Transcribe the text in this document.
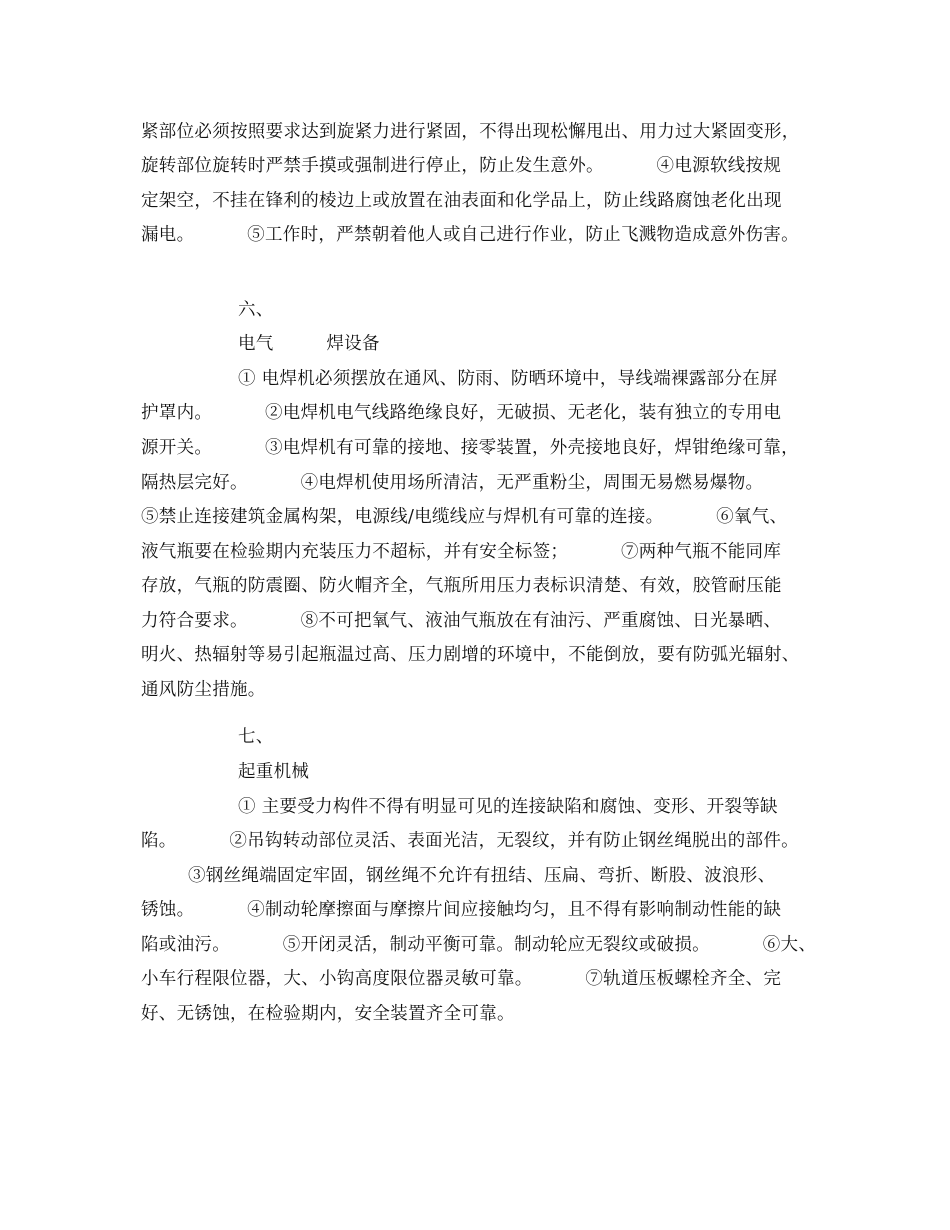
紧部位必须按照要求达到旋紧力进行紧固，不得出现松懈甩出、用力过大紧固变形，
旋转部位旋转时严禁手摸或强制进行停止，防止发生意外。         ④电源软线按规
定架空，不挂在锋利的棱边上或放置在油表面和化学品上，防止线路腐蚀老化出现
漏电。         ⑤工作时，严禁朝着他人或自己进行作业，防止飞溅物造成意外伤害。
六、
电气         焊设备
① 电焊机必须摆放在通风、防雨、防晒环境中，导线端裸露部分在屏
护罩内。         ②电焊机电气线路绝缘良好，无破损、无老化，装有独立的专用电
源开关。         ③电焊机有可靠的接地、接零装置，外壳接地良好，焊钳绝缘可靠，
隔热层完好。         ④电焊机使用场所清洁，无严重粉尘，周围无易燃易爆物。
⑤禁止连接建筑金属构架，电源线/电缆线应与焊机有可靠的连接。         ⑥氧气、
液气瓶要在检验期内充装压力不超标，并有安全标签；         ⑦两种气瓶不能同库
存放，气瓶的防震圈、防火帽齐全，气瓶所用压力表标识清楚、有效，胶管耐压能
力符合要求。         ⑧不可把氧气、液油气瓶放在有油污、严重腐蚀、日光暴晒、
明火、热辐射等易引起瓶温过高、压力剧增的环境中，不能倒放，要有防弧光辐射、
通风防尘措施。
七、
起重机械
① 主要受力构件不得有明显可见的连接缺陷和腐蚀、变形、开裂等缺
陷。         ②吊钩转动部位灵活、表面光洁，无裂纹，并有防止钢丝绳脱出的部件。
③钢丝绳端固定牢固，钢丝绳不允许有扭结、压扁、弯折、断股、波浪形、
锈蚀。         ④制动轮摩擦面与摩擦片间应接触均匀，且不得有影响制动性能的缺
陷或油污。         ⑤开闭灵活，制动平衡可靠。制动轮应无裂纹或破损。         ⑥大、
小车行程限位器，大、小钩高度限位器灵敏可靠。         ⑦轨道压板螺栓齐全、完
好、无锈蚀，在检验期内，安全装置齐全可靠。
